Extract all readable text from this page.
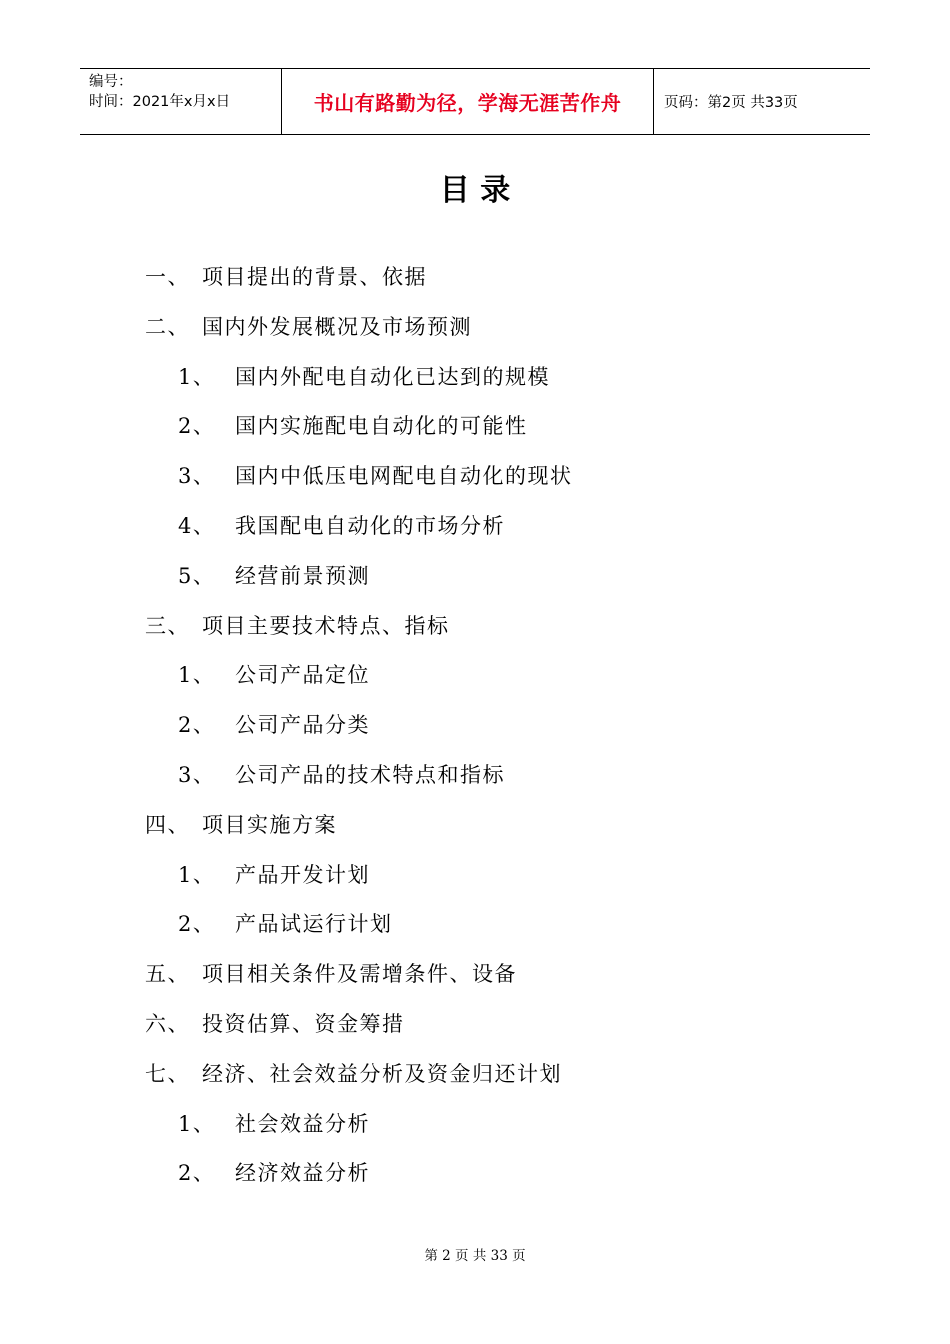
编号：
时间：2021年x月x日	书山有路勤为径，学海无涯苦作舟	页码：第2页 共33页
目 录
一、 项目提出的背景、依据
二、 国内外发展概况及市场预测
1、 国内外配电自动化已达到的规模
2、 国内实施配电自动化的可能性
3、 国内中低压电网配电自动化的现状
4、 我国配电自动化的市场分析
5、 经营前景预测
三、 项目主要技术特点、指标
1、 公司产品定位
2、 公司产品分类
3、 公司产品的技术特点和指标
四、 项目实施方案
1、 产品开发计划
2、 产品试运行计划
五、 项目相关条件及需增条件、设备
六、 投资估算、资金筹措
七、 经济、社会效益分析及资金归还计划
1、 社会效益分析
2、 经济效益分析
第 2 页 共 33 页
